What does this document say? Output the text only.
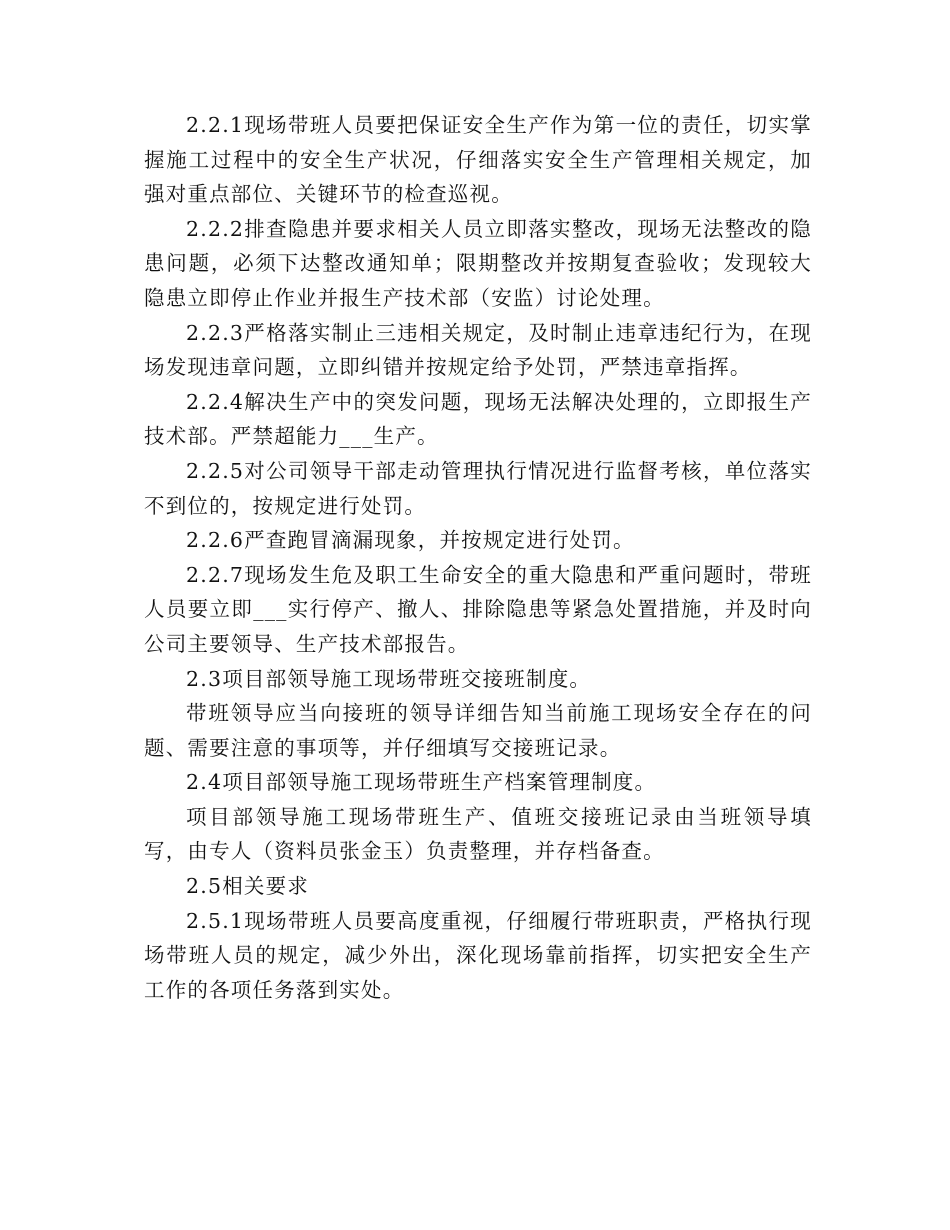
2.2.1现场带班人员要把保证安全生产作为第一位的责任，切实掌握施工过程中的安全生产状况，仔细落实安全生产管理相关规定，加强对重点部位、关键环节的检查巡视。

2.2.2排查隐患并要求相关人员立即落实整改，现场无法整改的隐患问题，必须下达整改通知单；限期整改并按期复查验收；发现较大隐患立即停止作业并报生产技术部（安监）讨论处理。

2.2.3严格落实制止三违相关规定，及时制止违章违纪行为，在现场发现违章问题，立即纠错并按规定给予处罚，严禁违章指挥。

2.2.4解决生产中的突发问题，现场无法解决处理的，立即报生产技术部。严禁超能力___生产。

2.2.5对公司领导干部走动管理执行情况进行监督考核，单位落实不到位的，按规定进行处罚。

2.2.6严查跑冒滴漏现象，并按规定进行处罚。

2.2.7现场发生危及职工生命安全的重大隐患和严重问题时，带班人员要立即___实行停产、撤人、排除隐患等紧急处置措施，并及时向公司主要领导、生产技术部报告。

2.3项目部领导施工现场带班交接班制度。

带班领导应当向接班的领导详细告知当前施工现场安全存在的问题、需要注意的事项等，并仔细填写交接班记录。

2.4项目部领导施工现场带班生产档案管理制度。

项目部领导施工现场带班生产、值班交接班记录由当班领导填写，由专人（资料员张金玉）负责整理，并存档备查。

2.5相关要求

2.5.1现场带班人员要高度重视，仔细履行带班职责，严格执行现场带班人员的规定，减少外出，深化现场靠前指挥，切实把安全生产工作的各项任务落到实处。
